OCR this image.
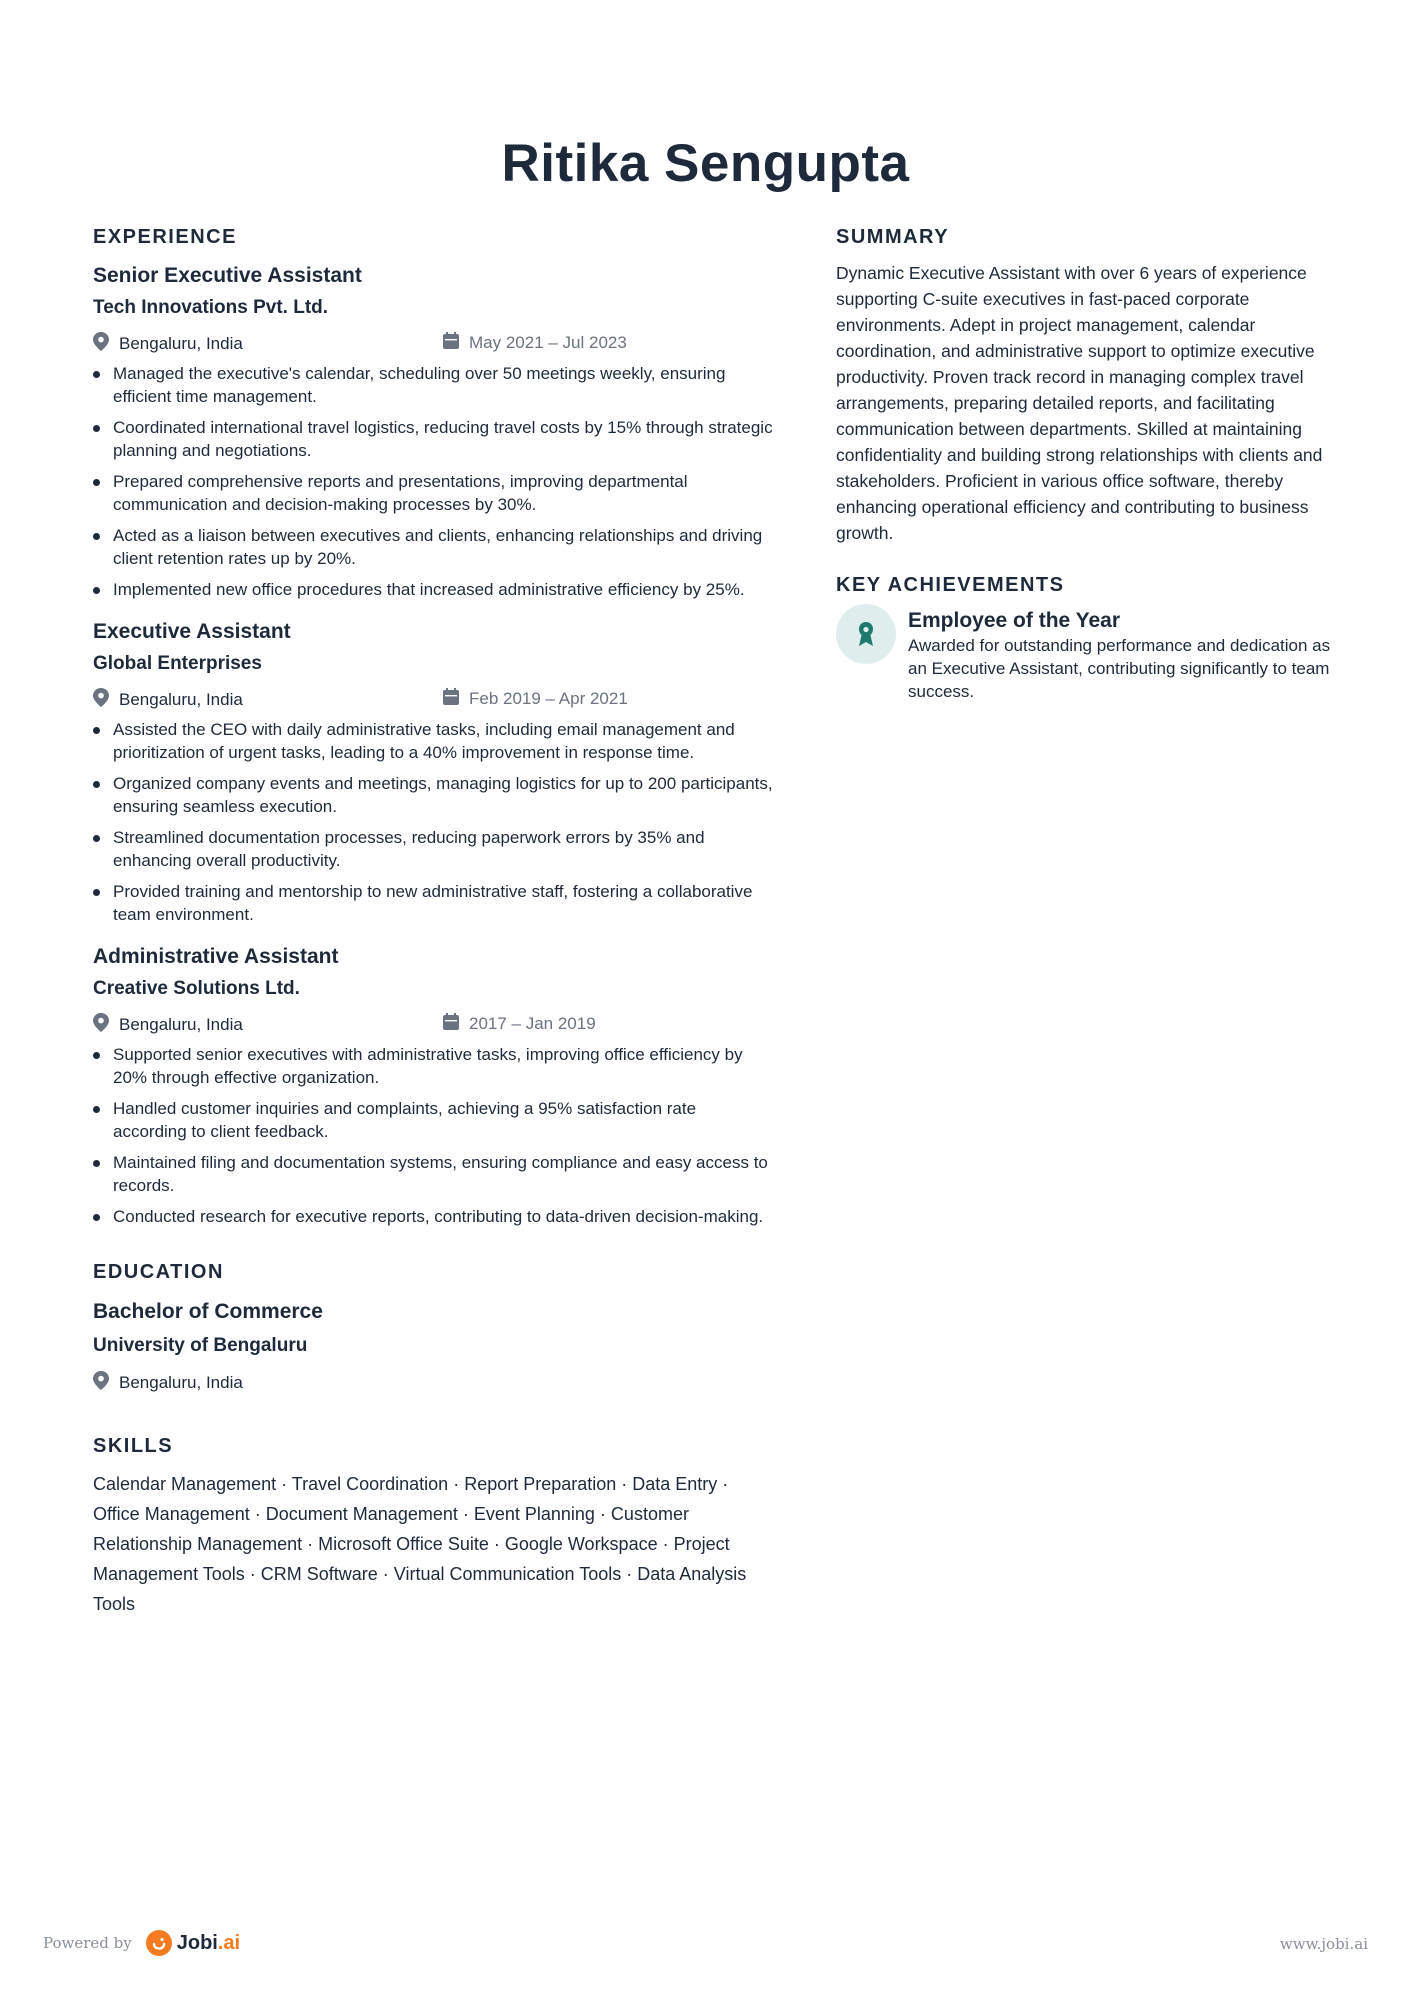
Ritika Sengupta
EXPERIENCE
Senior Executive Assistant
Tech Innovations Pvt. Ltd.
Bengaluru, India	May 2021 – Jul 2023
Managed the executive's calendar, scheduling over 50 meetings weekly, ensuring efficient time management.
Coordinated international travel logistics, reducing travel costs by 15% through strategic planning and negotiations.
Prepared comprehensive reports and presentations, improving departmental communication and decision-making processes by 30%.
Acted as a liaison between executives and clients, enhancing relationships and driving client retention rates up by 20%.
Implemented new office procedures that increased administrative efficiency by 25%.
Executive Assistant
Global Enterprises
Bengaluru, India	Feb 2019 – Apr 2021
Assisted the CEO with daily administrative tasks, including email management and prioritization of urgent tasks, leading to a 40% improvement in response time.
Organized company events and meetings, managing logistics for up to 200 participants, ensuring seamless execution.
Streamlined documentation processes, reducing paperwork errors by 35% and enhancing overall productivity.
Provided training and mentorship to new administrative staff, fostering a collaborative team environment.
Administrative Assistant
Creative Solutions Ltd.
Bengaluru, India	2017 – Jan 2019
Supported senior executives with administrative tasks, improving office efficiency by 20% through effective organization.
Handled customer inquiries and complaints, achieving a 95% satisfaction rate according to client feedback.
Maintained filing and documentation systems, ensuring compliance and easy access to records.
Conducted research for executive reports, contributing to data-driven decision-making.
EDUCATION
Bachelor of Commerce
University of Bengaluru
Bengaluru, India
SKILLS

Calendar Management · Travel Coordination · Report Preparation · Data Entry · Office Management · Document Management · Event Planning · Customer Relationship Management · Microsoft Office Suite · Google Workspace · Project Management Tools · CRM Software · Virtual Communication Tools · Data Analysis Tools

SUMMARY

Dynamic Executive Assistant with over 6 years of experience supporting C-suite executives in fast-paced corporate environments. Adept in project management, calendar coordination, and administrative support to optimize executive productivity. Proven track record in managing complex travel arrangements, preparing detailed reports, and facilitating communication between departments. Skilled at maintaining confidentiality and building strong relationships with clients and stakeholders. Proficient in various office software, thereby enhancing operational efficiency and contributing to business growth.

KEY ACHIEVEMENTS
Employee of the Year
Awarded for outstanding performance and dedication as an Executive Assistant, contributing significantly to team success.
Powered by Jobi.ai	www.jobi.ai
